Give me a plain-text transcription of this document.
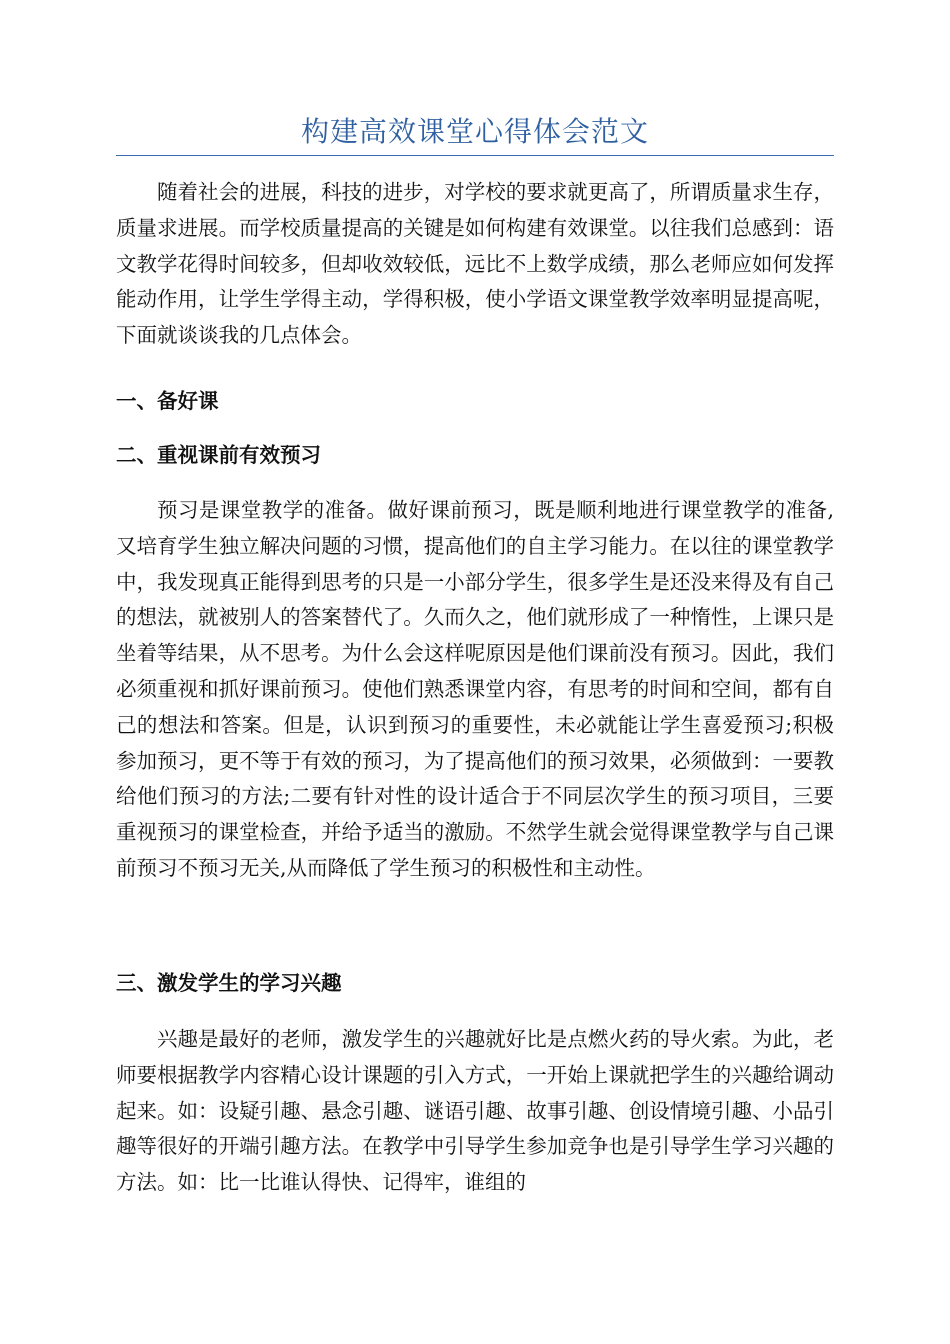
构建高效课堂心得体会范文

随着社会的进展，科技的进步，对学校的要求就更高了，所谓质量求生存，质量求进展。而学校质量提高的关键是如何构建有效课堂。以往我们总感到：语文教学花得时间较多，但却收效较低，远比不上数学成绩，那么老师应如何发挥能动作用，让学生学得主动，学得积极，使小学语文课堂教学效率明显提高呢，下面就谈谈我的几点体会。

一、备好课
二、重视课前有效预习

预习是课堂教学的准备。做好课前预习，既是顺利地进行课堂教学的准备,又培育学生独立解决问题的习惯，提高他们的自主学习能力。在以往的课堂教学中，我发现真正能得到思考的只是一小部分学生，很多学生是还没来得及有自己的想法，就被别人的答案替代了。久而久之，他们就形成了一种惰性，上课只是坐着等结果，从不思考。为什么会这样呢原因是他们课前没有预习。因此，我们必须重视和抓好课前预习。使他们熟悉课堂内容，有思考的时间和空间，都有自己的想法和答案。但是，认识到预习的重要性，未必就能让学生喜爱预习;积极参加预习，更不等于有效的预习，为了提高他们的预习效果，必须做到：一要教给他们预习的方法;二要有针对性的设计适合于不同层次学生的预习项目，三要重视预习的课堂检查，并给予适当的激励。不然学生就会觉得课堂教学与自己课前预习不预习无关,从而降低了学生预习的积极性和主动性。

三、激发学生的学习兴趣

兴趣是最好的老师，激发学生的兴趣就好比是点燃火药的导火索。为此，老师要根据教学内容精心设计课题的引入方式，一开始上课就把学生的兴趣给调动起来。如：设疑引趣、悬念引趣、谜语引趣、故事引趣、创设情境引趣、小品引趣等很好的开端引趣方法。在教学中引导学生参加竞争也是引导学生学习兴趣的方法。如：比一比谁认得快、记得牢，谁组的
